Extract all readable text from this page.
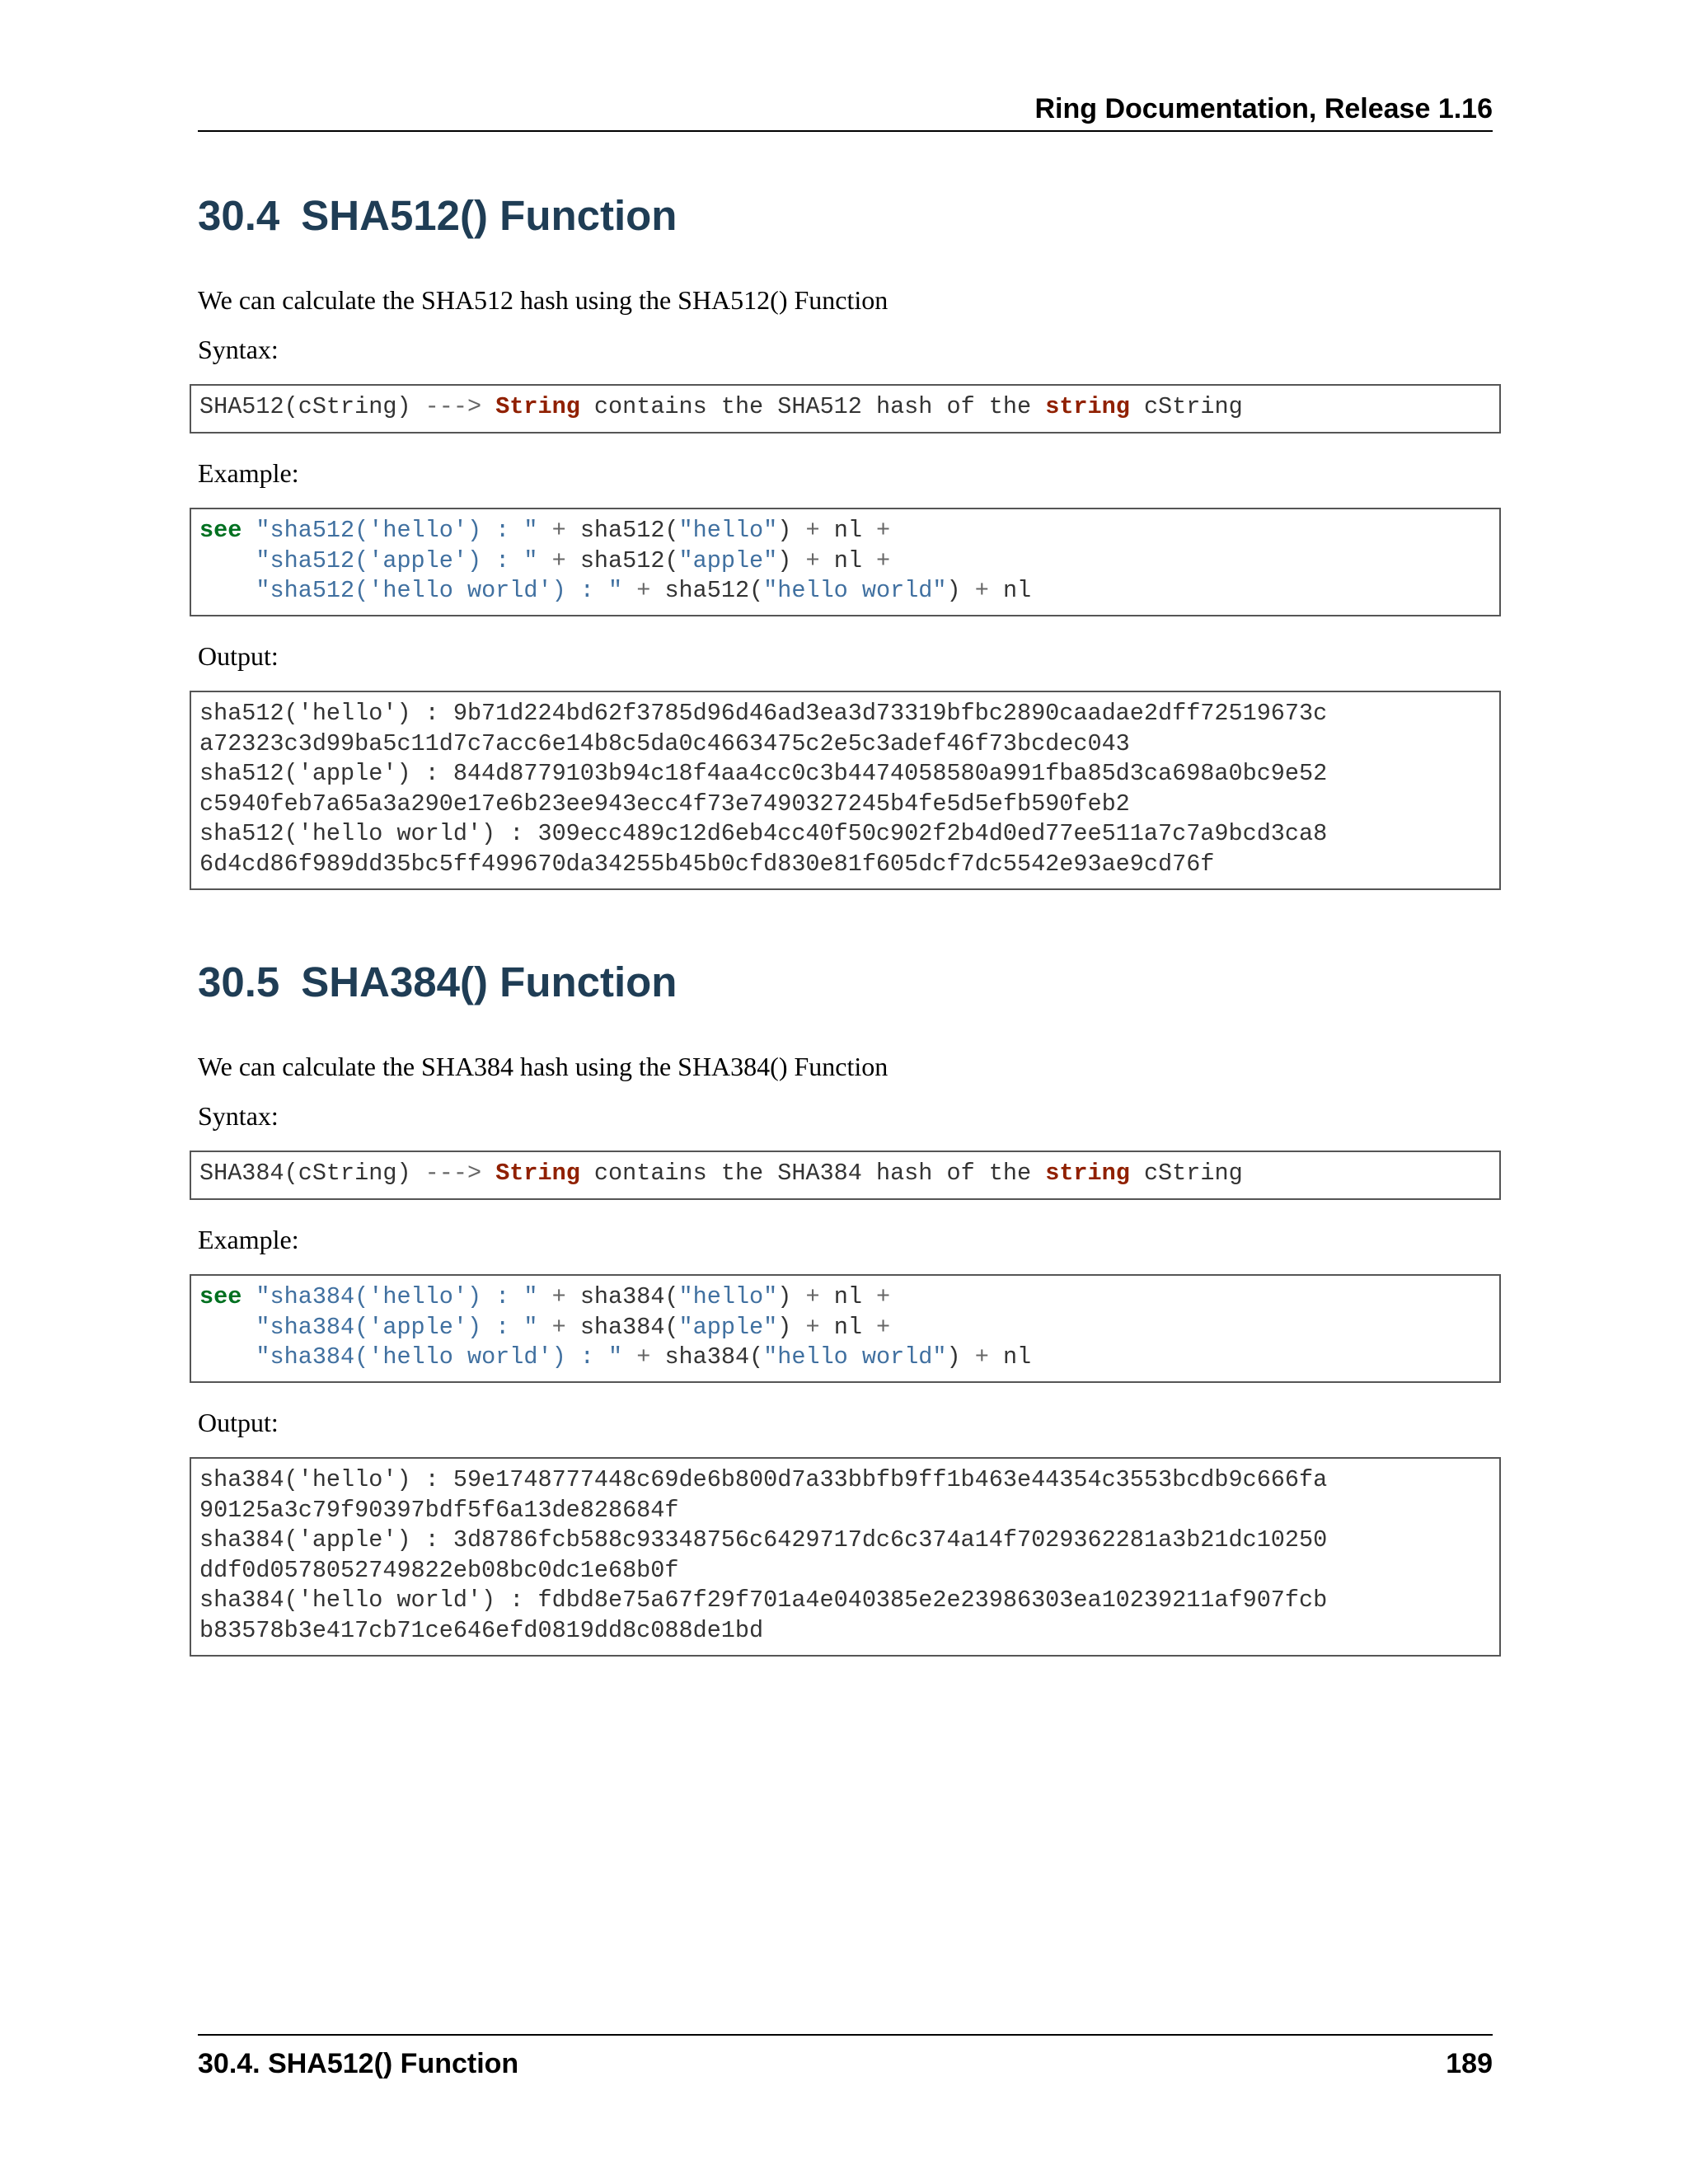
Ring Documentation, Release 1.16
30.4 SHA512() Function

We can calculate the SHA512 hash using the SHA512() Function

Syntax:

SHA512(cString) ---> String contains the SHA512 hash of the string cString

Example:

see "sha512('hello') : " + sha512("hello") + nl +
"sha512('apple') : " + sha512("apple") + nl +
"sha512('hello world') : " + sha512("hello world") + nl

Output:

sha512('hello') : 9b71d224bd62f3785d96d46ad3ea3d73319bfbc2890caadae2dff72519673c
a72323c3d99ba5c11d7c7acc6e14b8c5da0c4663475c2e5c3adef46f73bcdec043
sha512('apple') : 844d8779103b94c18f4aa4cc0c3b4474058580a991fba85d3ca698a0bc9e52
c5940feb7a65a3a290e17e6b23ee943ecc4f73e7490327245b4fe5d5efb590feb2
sha512('hello world') : 309ecc489c12d6eb4cc40f50c902f2b4d0ed77ee511a7c7a9bcd3ca8
6d4cd86f989dd35bc5ff499670da34255b45b0cfd830e81f605dcf7dc5542e93ae9cd76f
30.5 SHA384() Function

We can calculate the SHA384 hash using the SHA384() Function

Syntax:

SHA384(cString) ---> String contains the SHA384 hash of the string cString

Example:

see "sha384('hello') : " + sha384("hello") + nl +
"sha384('apple') : " + sha384("apple") + nl +
"sha384('hello world') : " + sha384("hello world") + nl

Output:

sha384('hello') : 59e1748777448c69de6b800d7a33bbfb9ff1b463e44354c3553bcdb9c666fa
90125a3c79f90397bdf5f6a13de828684f
sha384('apple') : 3d8786fcb588c93348756c6429717dc6c374a14f7029362281a3b21dc10250
ddf0d0578052749822eb08bc0dc1e68b0f
sha384('hello world') : fdbd8e75a67f29f701a4e040385e2e23986303ea10239211af907fcb
b83578b3e417cb71ce646efd0819dd8c088de1bd
30.4. SHA512() Function	189
